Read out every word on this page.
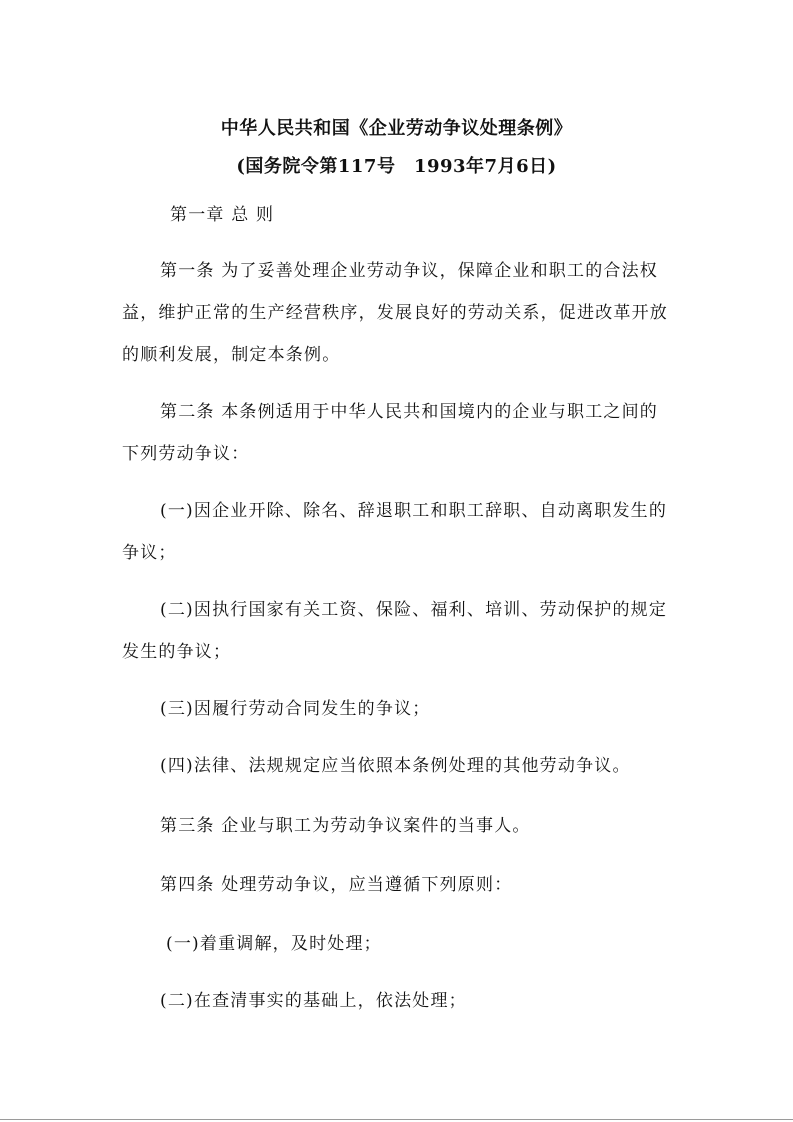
中华人民共和国《企业劳动争议处理条例》
(国务院令第117号　1993年7月6日)
第一章 总 则
第一条 为了妥善处理企业劳动争议，保障企业和职工的合法权
益，维护正常的生产经营秩序，发展良好的劳动关系，促进改革开放
的顺利发展，制定本条例。
第二条 本条例适用于中华人民共和国境内的企业与职工之间的
下列劳动争议：
(一)因企业开除、除名、辞退职工和职工辞职、自动离职发生的
争议；
(二)因执行国家有关工资、保险、福利、培训、劳动保护的规定
发生的争议；
(三)因履行劳动合同发生的争议；
(四)法律、法规规定应当依照本条例处理的其他劳动争议。
第三条 企业与职工为劳动争议案件的当事人。
第四条 处理劳动争议，应当遵循下列原则：
(一)着重调解，及时处理；
(二)在查清事实的基础上，依法处理；
